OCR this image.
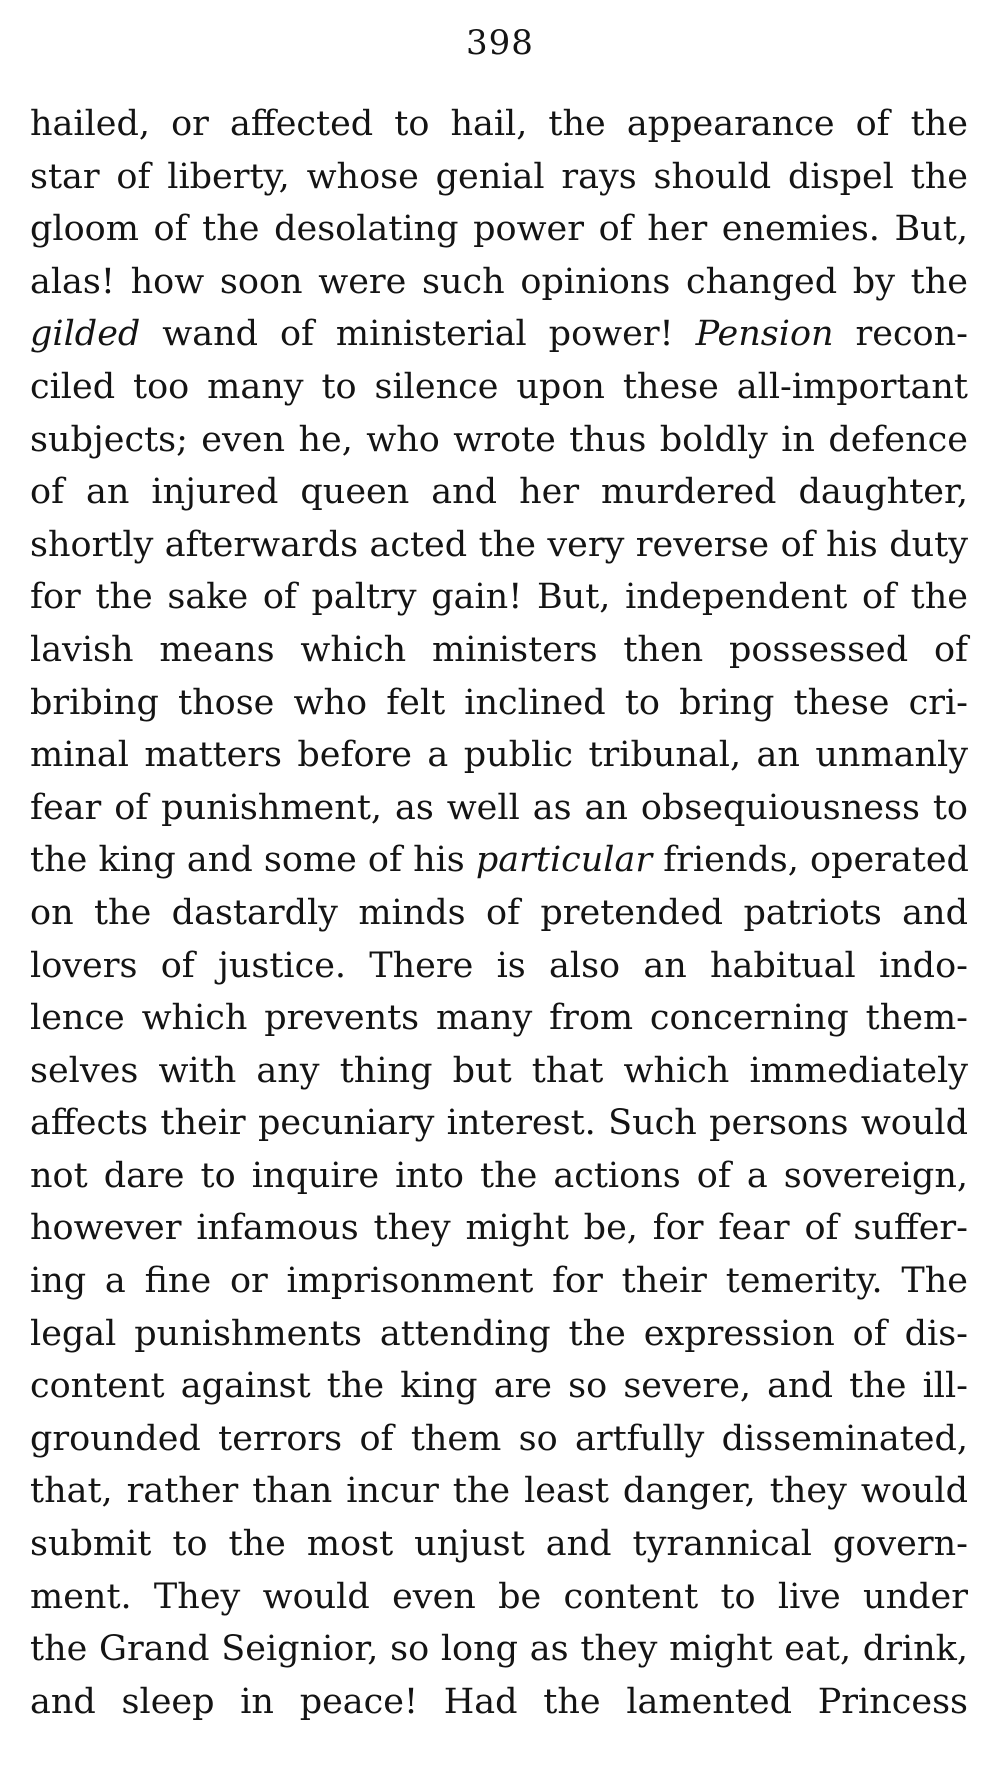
398
hailed, or affected to hail, the appearance of the
star of liberty, whose genial rays should dispel the
gloom of the desolating power of her enemies. But,
alas! how soon were such opinions changed by the
gilded wand of ministerial power! Pension recon-
ciled too many to silence upon these all-important
subjects; even he, who wrote thus boldly in defence
of an injured queen and her murdered daughter,
shortly afterwards acted the very reverse of his duty
for the sake of paltry gain! But, independent of the
lavish means which ministers then possessed of
bribing those who felt inclined to bring these cri-
minal matters before a public tribunal, an unmanly
fear of punishment, as well as an obsequiousness to
the king and some of his particular friends, operated
on the dastardly minds of pretended patriots and
lovers of justice. There is also an habitual indo-
lence which prevents many from concerning them-
selves with any thing but that which immediately
affects their pecuniary interest. Such persons would
not dare to inquire into the actions of a sovereign,
however infamous they might be, for fear of suffer-
ing a fine or imprisonment for their temerity. The
legal punishments attending the expression of dis-
content against the king are so severe, and the ill-
grounded terrors of them so artfully disseminated,
that, rather than incur the least danger, they would
submit to the most unjust and tyrannical govern-
ment. They would even be content to live under
the Grand Seignior, so long as they might eat, drink,
and sleep in peace! Had the lamented Princess
